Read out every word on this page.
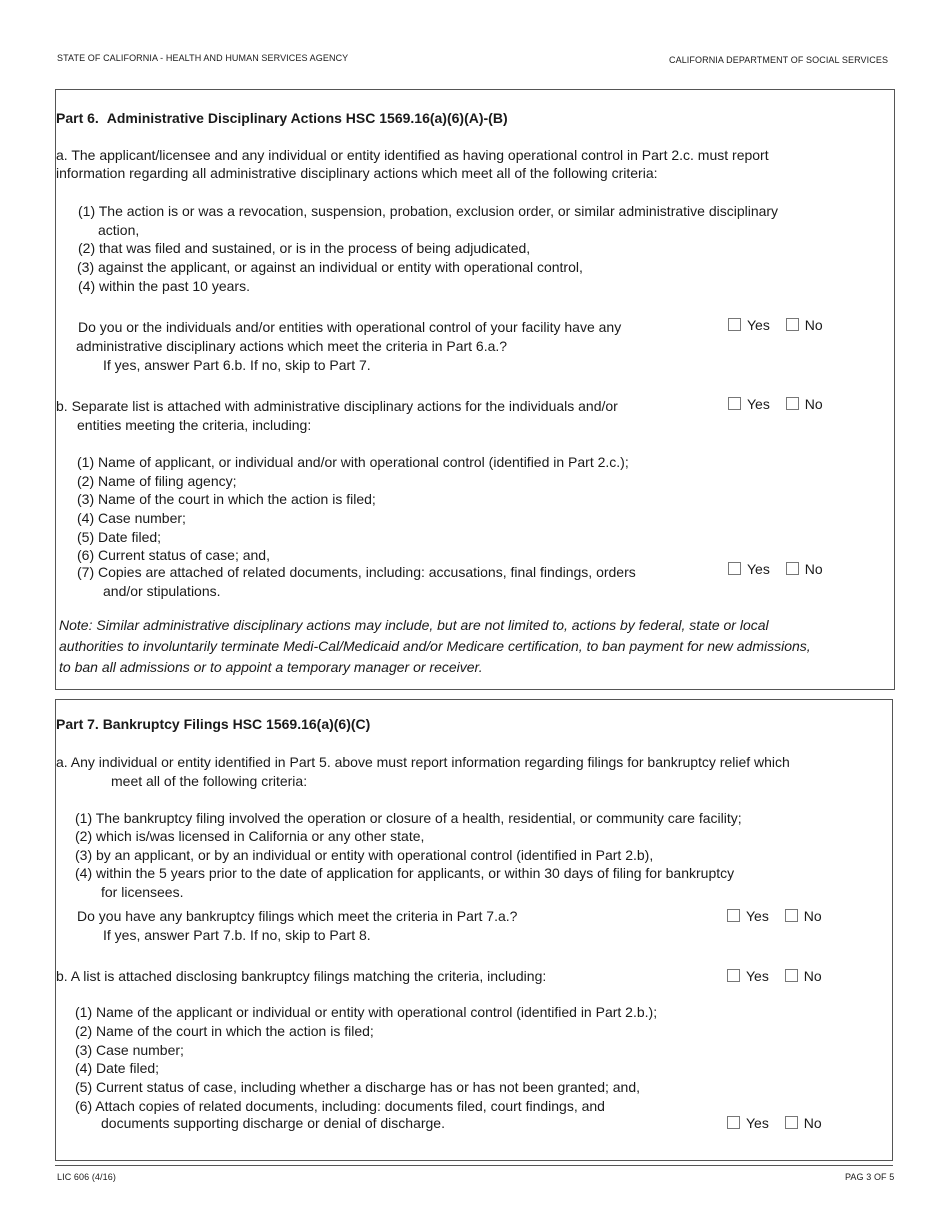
STATE OF CALIFORNIA - HEALTH AND HUMAN SERVICES AGENCY	CALIFORNIA DEPARTMENT OF SOCIAL SERVICES
Part 6. Administrative Disciplinary Actions HSC 1569.16(a)(6)(A)-(B)
a. The applicant/licensee and any individual or entity identified as having operational control in Part 2.c. must report
information regarding all administrative disciplinary actions which meet all of the following criteria:
(1) The action is or was a revocation, suspension, probation, exclusion order, or similar administrative disciplinary
action,
(2) that was filed and sustained, or is in the process of being adjudicated,
(3) against the applicant, or against an individual or entity with operational control,
(4) within the past 10 years.
Do you or the individuals and/or entities with operational control of your facility have any
administrative disciplinary actions which meet the criteria in Part 6.a.?
If yes, answer Part 6.b. If no, skip to Part 7.
Yes No
b. Separate list is attached with administrative disciplinary actions for the individuals and/or
entities meeting the criteria, including:
Yes No
(1) Name of applicant, or individual and/or with operational control (identified in Part 2.c.);
(2) Name of filing agency;
(3) Name of the court in which the action is filed;
(4) Case number;
(5) Date filed;
(6) Current status of case; and,
(7) Copies are attached of related documents, including: accusations, final findings, orders
and/or stipulations.
Yes No
Note: Similar administrative disciplinary actions may include, but are not limited to, actions by federal, state or local
authorities to involuntarily terminate Medi-Cal/Medicaid and/or Medicare certification, to ban payment for new admissions,
to ban all admissions or to appoint a temporary manager or receiver.
Part 7. Bankruptcy Filings HSC 1569.16(a)(6)(C)
a. Any individual or entity identified in Part 5. above must report information regarding filings for bankruptcy relief which
meet all of the following criteria:
(1) The bankruptcy filing involved the operation or closure of a health, residential, or community care facility;
(2) which is/was licensed in California or any other state,
(3) by an applicant, or by an individual or entity with operational control (identified in Part 2.b),
(4) within the 5 years prior to the date of application for applicants, or within 30 days of filing for bankruptcy
for licensees.
Do you have any bankruptcy filings which meet the criteria in Part 7.a.?
If yes, answer Part 7.b. If no, skip to Part 8.
Yes No
b. A list is attached disclosing bankruptcy filings matching the criteria, including:	Yes No
(1) Name of the applicant or individual or entity with operational control (identified in Part 2.b.);
(2) Name of the court in which the action is filed;
(3) Case number;
(4) Date filed;
(5) Current status of case, including whether a discharge has or has not been granted; and,
(6) Attach copies of related documents, including: documents filed, court findings, and
documents supporting discharge or denial of discharge.	Yes No
LIC 606 (4/16)	PAG 3 OF 5
